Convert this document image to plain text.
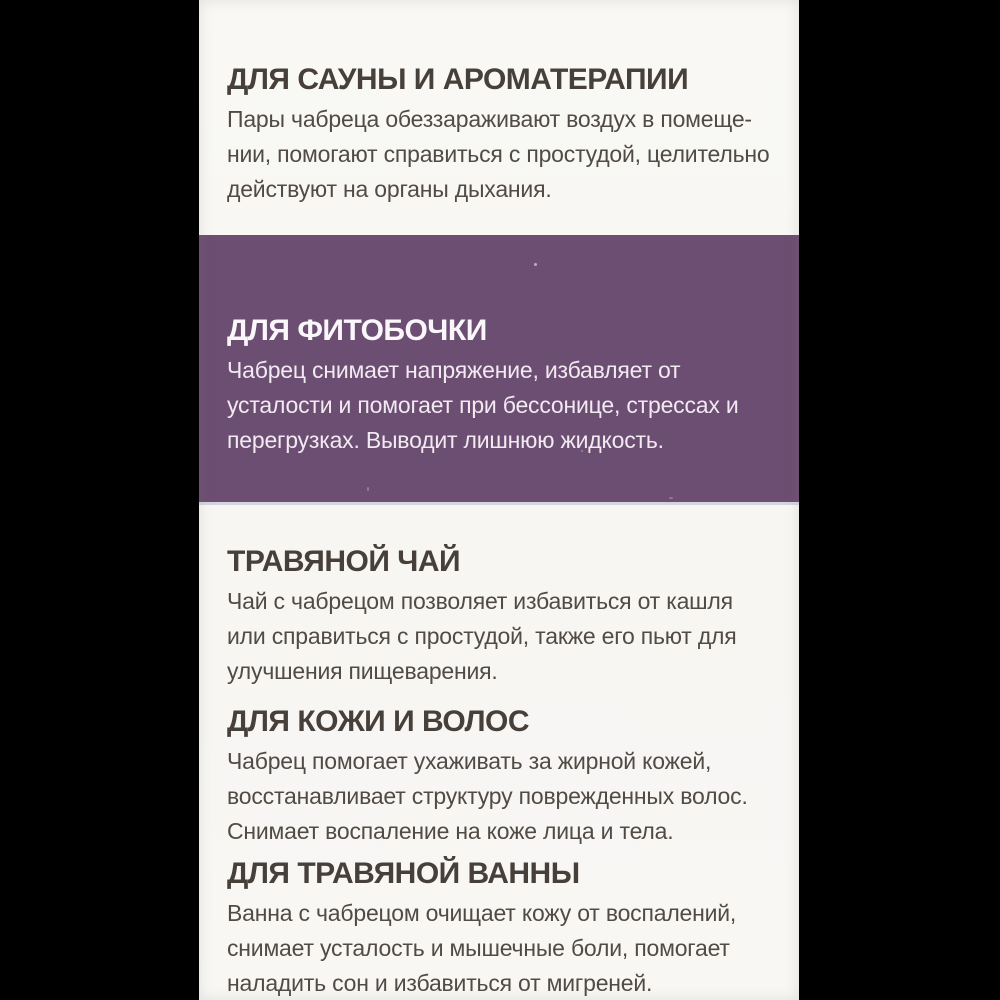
ДЛЯ САУНЫ И АРОМАТЕРАПИИ
Пары чабреца обеззараживают воздух в помеще-
нии, помогают справиться с простудой, целительно
действуют на органы дыхания.
ДЛЯ ФИТОБОЧКИ
Чабрец снимает напряжение, избавляет от
усталости и помогает при бессонице, стрессах и
перегрузках. Выводит лишнюю жидкость.
ТРАВЯНОЙ ЧАЙ
Чай с чабрецом позволяет избавиться от кашля
или справиться с простудой, также его пьют для
улучшения пищеварения.
ДЛЯ КОЖИ И ВОЛОС
Чабрец помогает ухаживать за жирной кожей,
восстанавливает структуру поврежденных волос.
Снимает воспаление на коже лица и тела.
ДЛЯ ТРАВЯНОЙ ВАННЫ
Ванна с чабрецом очищает кожу от воспалений,
снимает усталость и мышечные боли, помогает
наладить сон и избавиться от мигреней.
